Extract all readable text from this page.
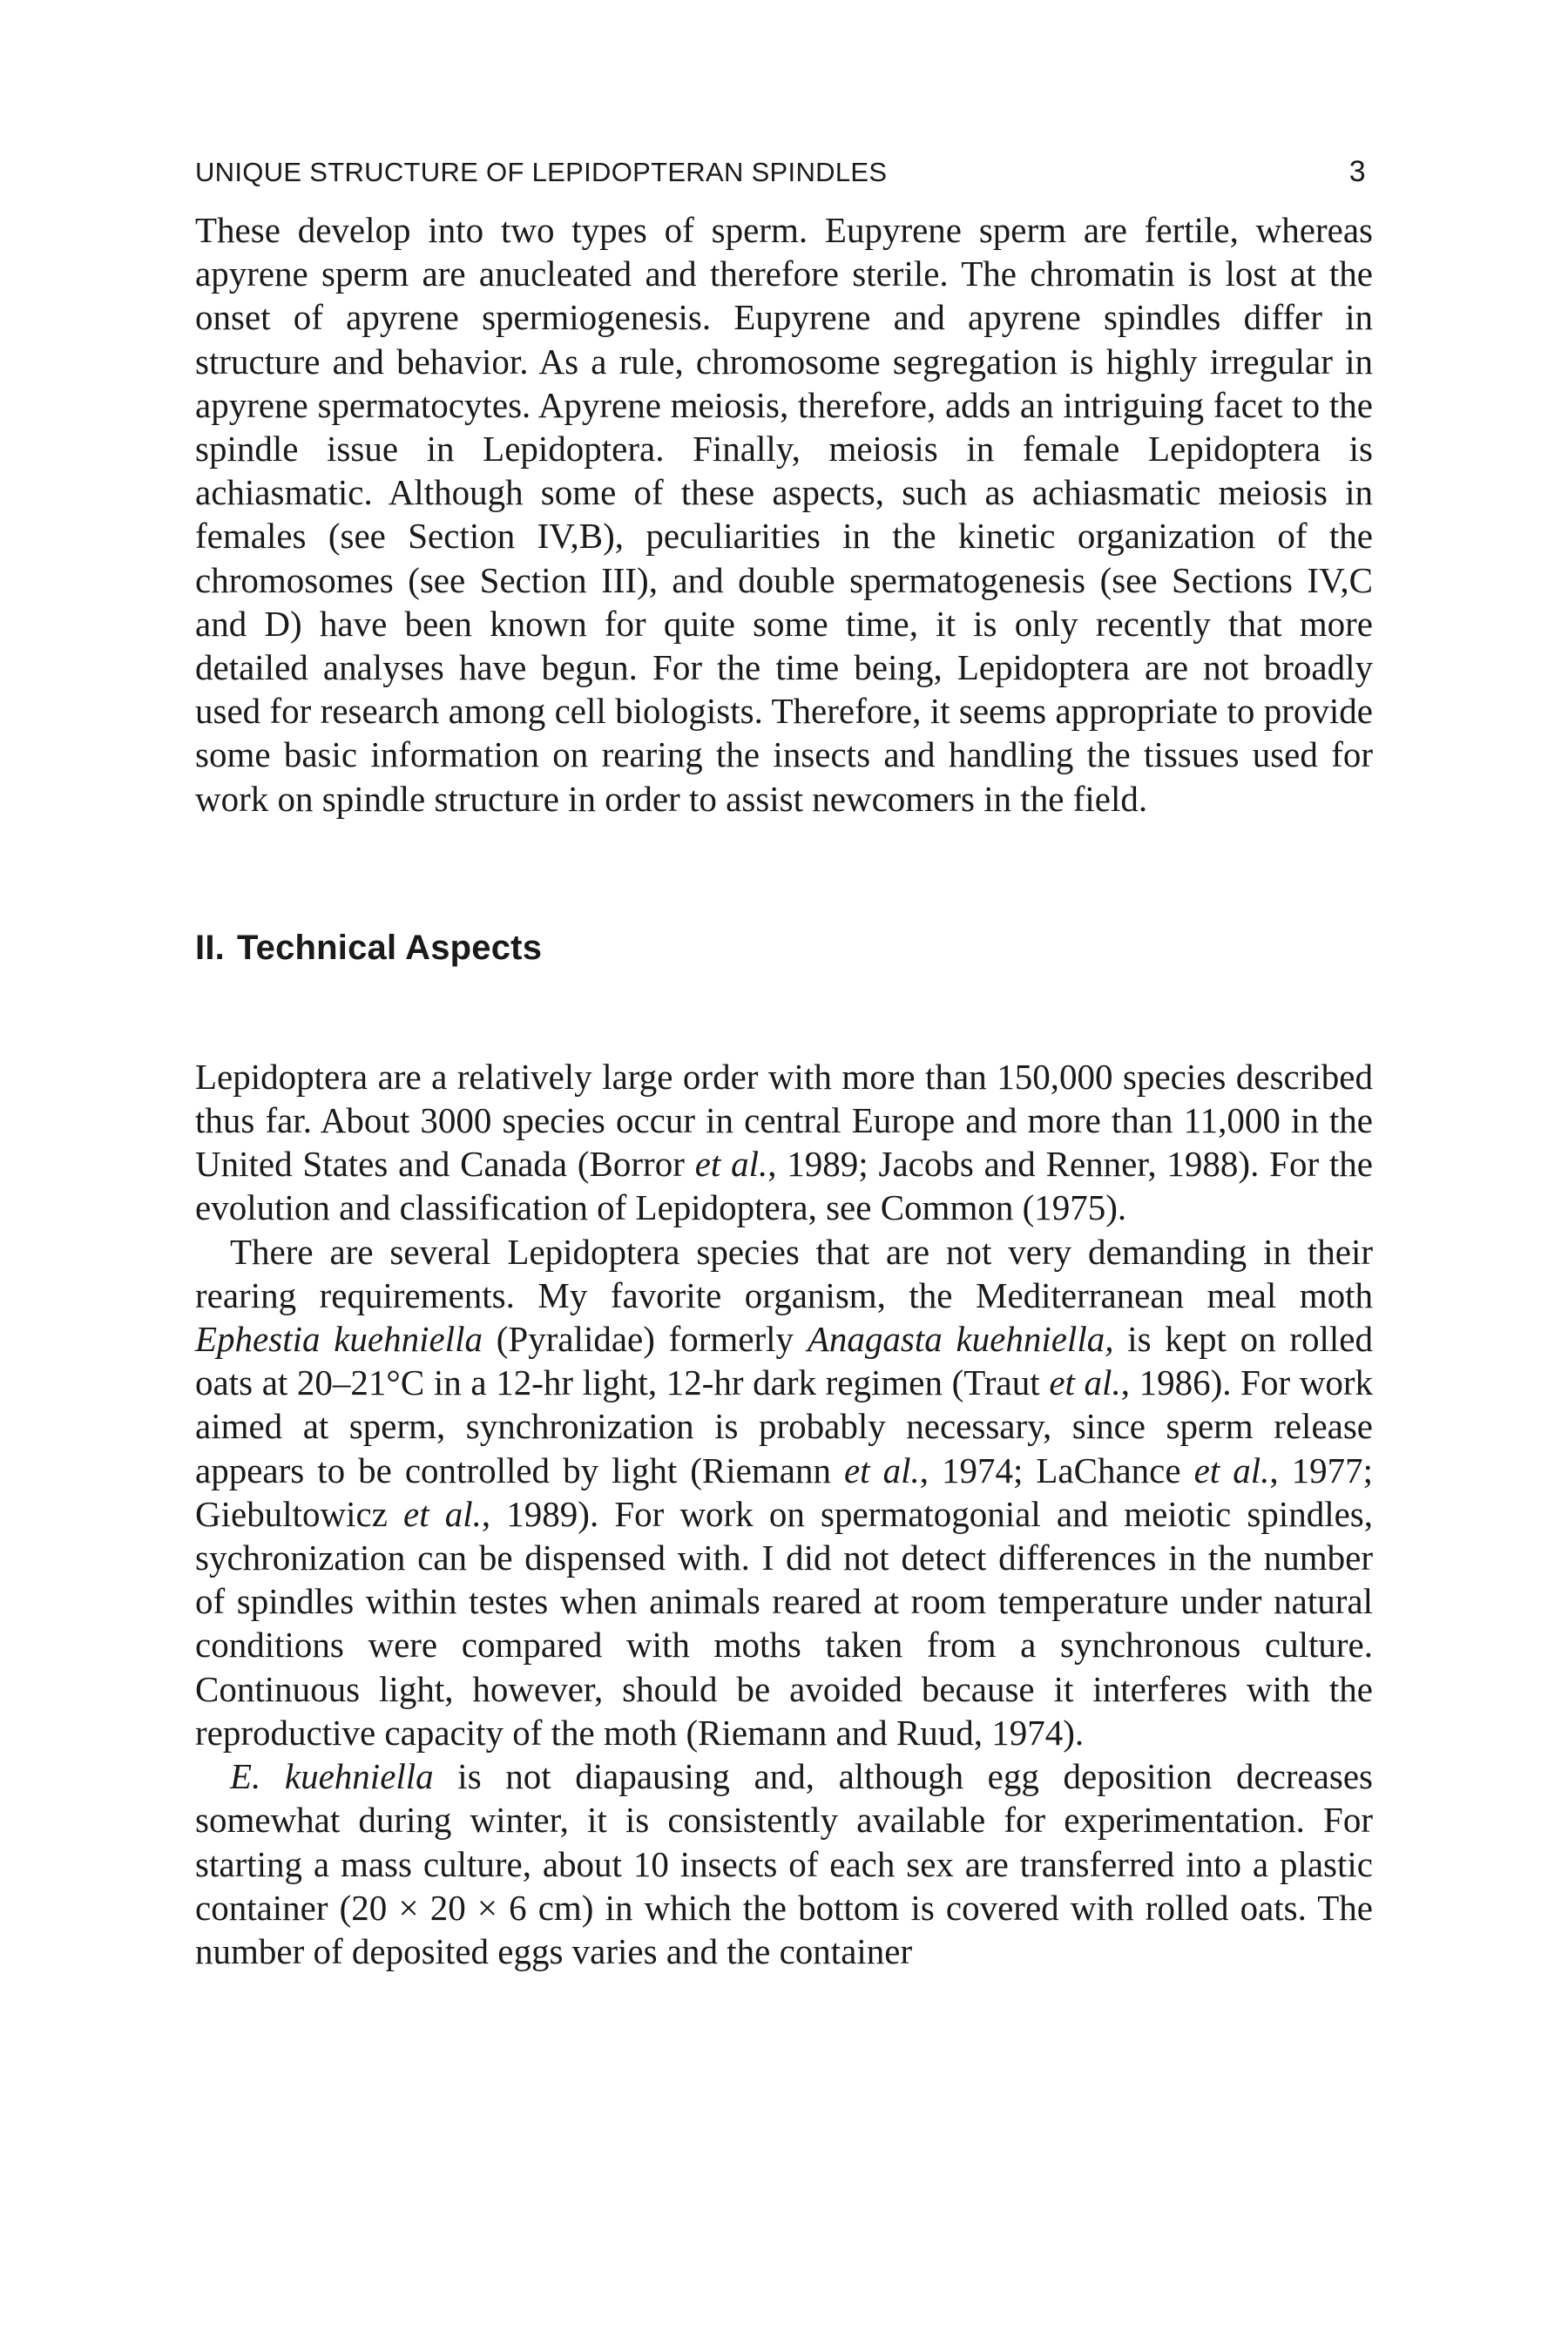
UNIQUE STRUCTURE OF LEPIDOPTERAN SPINDLES	3

These develop into two types of sperm. Eupyrene sperm are fertile, whereas apyrene sperm are anucleated and therefore sterile. The chromatin is lost at the onset of apyrene spermiogenesis. Eupyrene and apyrene spindles differ in structure and behavior. As a rule, chromosome segregation is highly irregular in apyrene spermatocytes. Apyrene meiosis, therefore, adds an intriguing facet to the spindle issue in Lepidoptera. Finally, meiosis in female Lepidoptera is achiasmatic. Although some of these aspects, such as achiasmatic meiosis in females (see Section IV,B), peculiarities in the kinetic organization of the chromosomes (see Section III), and double spermatogenesis (see Sections IV,C and D) have been known for quite some time, it is only recently that more detailed analyses have begun. For the time being, Lepidoptera are not broadly used for research among cell biologists. Therefore, it seems appropriate to provide some basic information on rearing the insects and handling the tissues used for work on spindle structure in order to assist newcomers in the field.

II. Technical Aspects

Lepidoptera are a relatively large order with more than 150,000 species described thus far. About 3000 species occur in central Europe and more than 11,000 in the United States and Canada (Borror et al., 1989; Jacobs and Renner, 1988). For the evolution and classification of Lepidoptera, see Common (1975).

There are several Lepidoptera species that are not very demanding in their rearing requirements. My favorite organism, the Mediterranean meal moth Ephestia kuehniella (Pyralidae) formerly Anagasta kuehniella, is kept on rolled oats at 20–21°C in a 12-hr light, 12-hr dark regimen (Traut et al., 1986). For work aimed at sperm, synchronization is probably necessary, since sperm release appears to be controlled by light (Riemann et al., 1974; LaChance et al., 1977; Giebultowicz et al., 1989). For work on spermatogonial and meiotic spindles, sychronization can be dispensed with. I did not detect differences in the number of spindles within testes when animals reared at room temperature under natural conditions were compared with moths taken from a synchronous culture. Continuous light, however, should be avoided because it interferes with the reproductive capacity of the moth (Riemann and Ruud, 1974).

E. kuehniella is not diapausing and, although egg deposition decreases somewhat during winter, it is consistently available for experimentation. For starting a mass culture, about 10 insects of each sex are transferred into a plastic container (20 × 20 × 6 cm) in which the bottom is covered with rolled oats. The number of deposited eggs varies and the container
